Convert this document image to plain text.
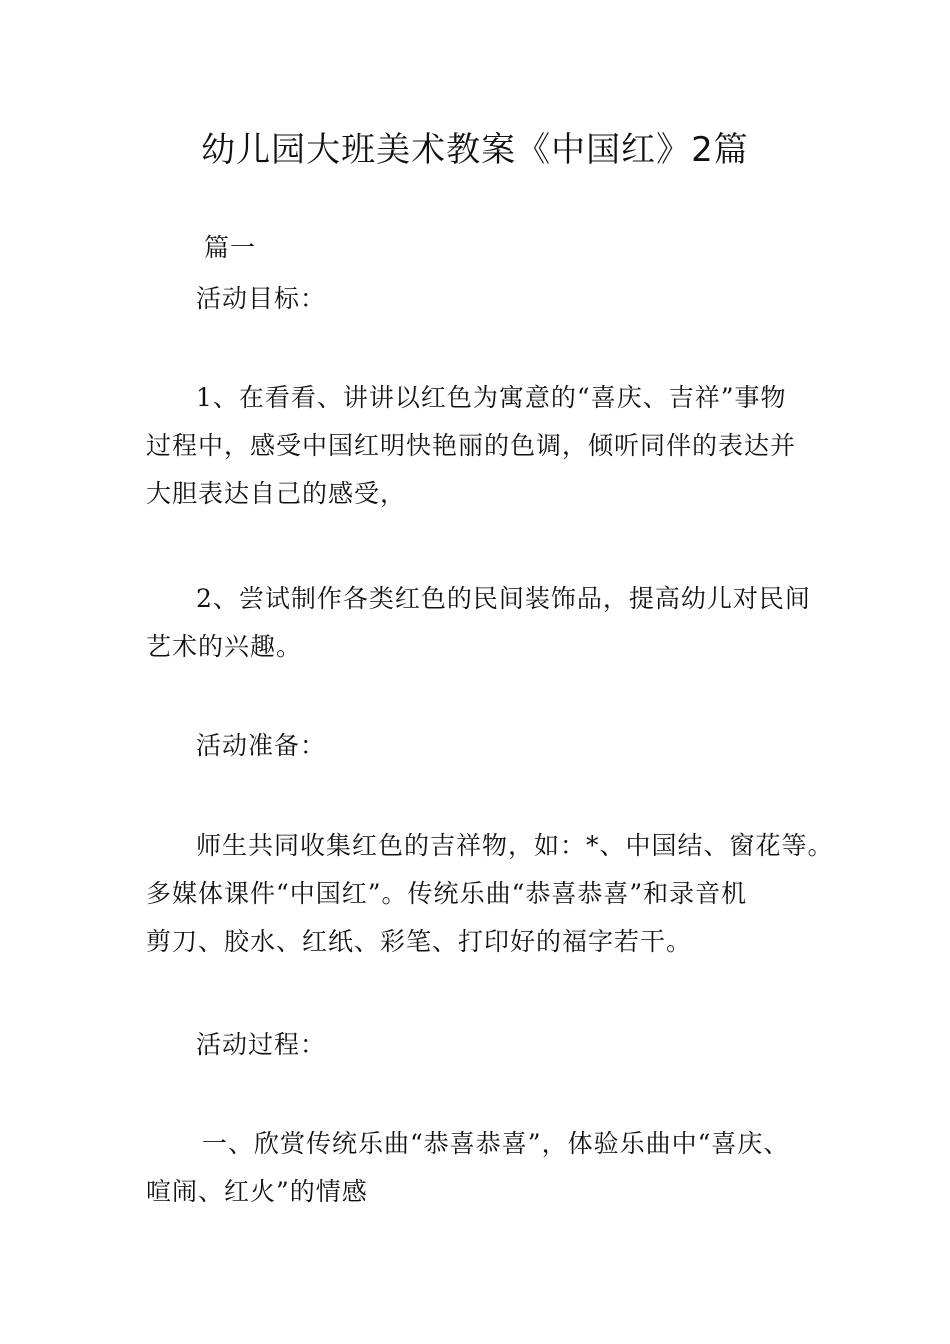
幼儿园大班美术教案《中国红》2篇
篇一
活动目标：
1、在看看、讲讲以红色为寓意的“喜庆、吉祥”事物
过程中，感受中国红明快艳丽的色调，倾听同伴的表达并
大胆表达自己的感受，
2、尝试制作各类红色的民间装饰品，提高幼儿对民间
艺术的兴趣。
活动准备：
师生共同收集红色的吉祥物，如：*、中国结、窗花等。
多媒体课件“中国红”。传统乐曲“恭喜恭喜”和录音机
剪刀、胶水、红纸、彩笔、打印好的福字若干。
活动过程：
一、欣赏传统乐曲“恭喜恭喜”，体验乐曲中“喜庆、
喧闹、红火”的情感
